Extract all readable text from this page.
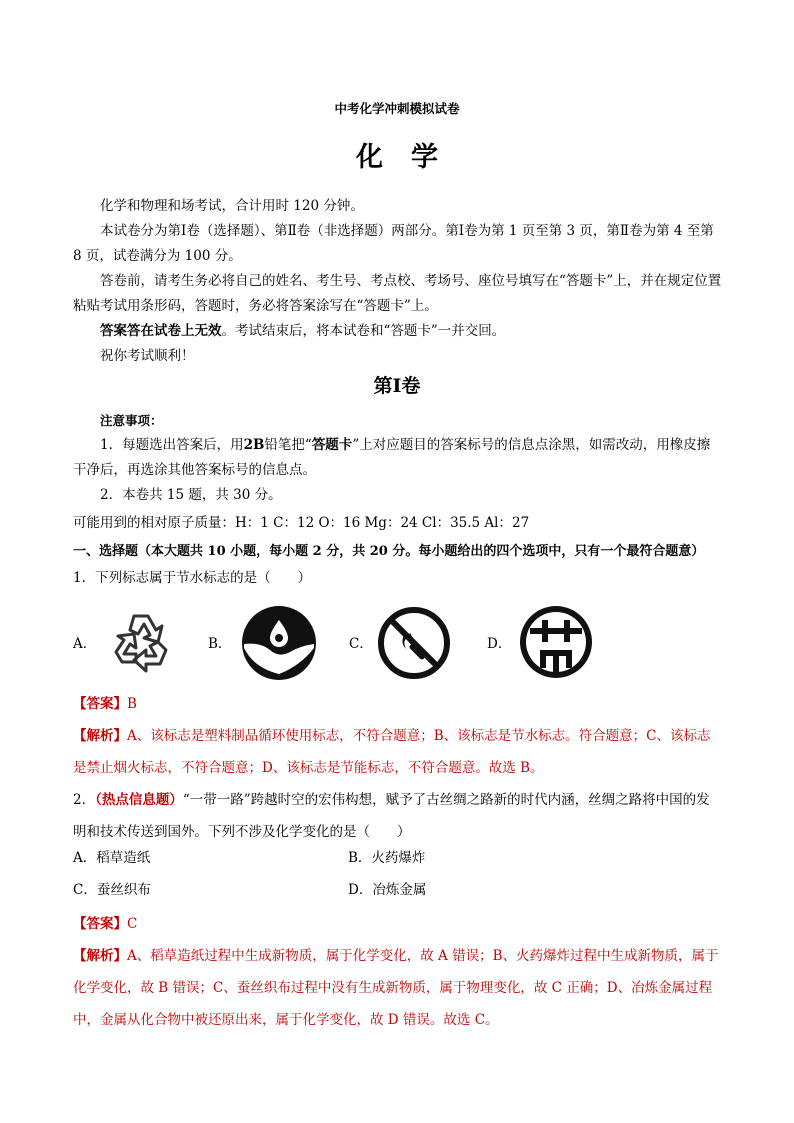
中考化学冲刺模拟试卷
化学
化学和物理和场考试，合计用时 120 分钟。
本试卷分为第Ⅰ卷（选择题）、第Ⅱ卷（非选择题）两部分。第Ⅰ卷为第 1 页至第 3 页，第Ⅱ卷为第 4 至第 8 页，试卷满分为 100 分。
答卷前，请考生务必将自己的姓名、考生号、考点校、考场号、座位号填写在“答题卡”上，并在规定位置粘贴考试用条形码，答题时，务必将答案涂写在“答题卡”上。
答案答在试卷上无效。考试结束后，将本试卷和“答题卡”一并交回。
祝你考试顺利！
第Ⅰ卷
注意事项：
1．每题选出答案后，用2B铅笔把“答题卡”上对应题目的答案标号的信息点涂黑，如需改动，用橡皮擦干净后，再选涂其他答案标号的信息点。
2．本卷共 15 题，共 30 分。
可能用到的相对原子质量：H：1 C：12 O：16 Mg：24 Cl：35.5 Al：27
一、选择题（本大题共 10 小题，每小题 2 分，共 20 分。每小题给出的四个选项中，只有一个最符合题意）
1．下列标志属于节水标志的是（　　）
A．	B．	C．	D．
【答案】B
【解析】A、该标志是塑料制品循环使用标志，不符合题意；B、该标志是节水标志。符合题意；C、该标志是禁止烟火标志，不符合题意；D、该标志是节能标志，不符合题意。故选 B。
2．（热点信息题）“一带一路”跨越时空的宏伟构想，赋予了古丝绸之路新的时代内涵，丝绸之路将中国的发明和技术传送到国外。下列不涉及化学变化的是（　　）
A．稻草造纸	B．火药爆炸
C．蚕丝织布	D．冶炼金属
【答案】C
【解析】A、稻草造纸过程中生成新物质，属于化学变化，故 A 错误；B、火药爆炸过程中生成新物质，属于化学变化，故 B 错误；C、蚕丝织布过程中没有生成新物质，属于物理变化，故 C 正确；D、冶炼金属过程中，金属从化合物中被还原出来，属于化学变化，故 D 错误。故选 C。
